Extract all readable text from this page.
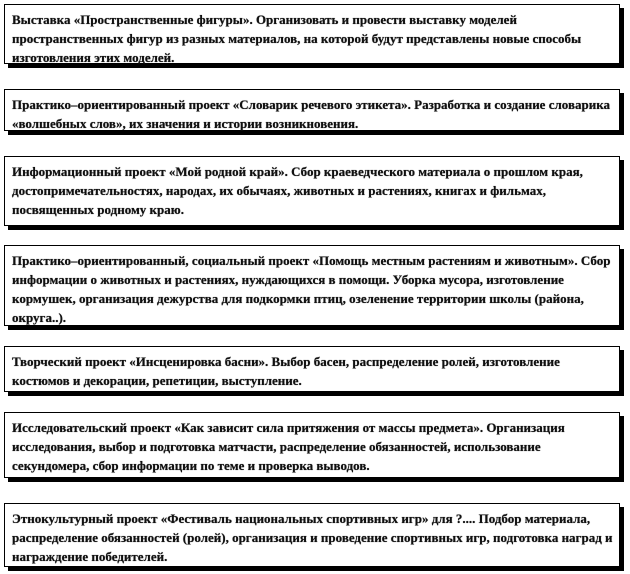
Выставка «Пространственные фигуры». Организовать и провести выставку моделей пространственных фигур из разных материалов, на которой будут представлены новые способы изготовления этих моделей.
Практико–ориентированный проект «Словарик речевого этикета». Разработка и создание словарика «волшебных слов», их значения и истории возникновения.
Информационный проект «Мой родной край». Сбор краеведческого материала о прошлом края, достопримечательностях, народах, их обычаях, животных и растениях, книгах и фильмах, посвященных родному краю.
Практико–ориентированный, социальный проект «Помощь местным растениям и животным». Сбор информации о животных и растениях, нуждающихся в помощи. Уборка мусора, изготовление кормушек, организация дежурства для подкормки птиц, озеленение территории школы (района, округа..).
Творческий проект «Инсценировка басни». Выбор басен, распределение ролей, изготовление костюмов и декорации, репетиции, выступление.
Исследовательский проект «Как зависит сила притяжения от массы предмета». Организация исследования, выбор и подготовка матчасти, распределение обязанностей, использование секундомера, сбор информации по теме и проверка выводов.
Этнокультурный проект «Фестиваль национальных спортивных игр» для ?.... Подбор материала, распределение обязанностей (ролей), организация и проведение спортивных игр, подготовка наград и награждение победителей.
